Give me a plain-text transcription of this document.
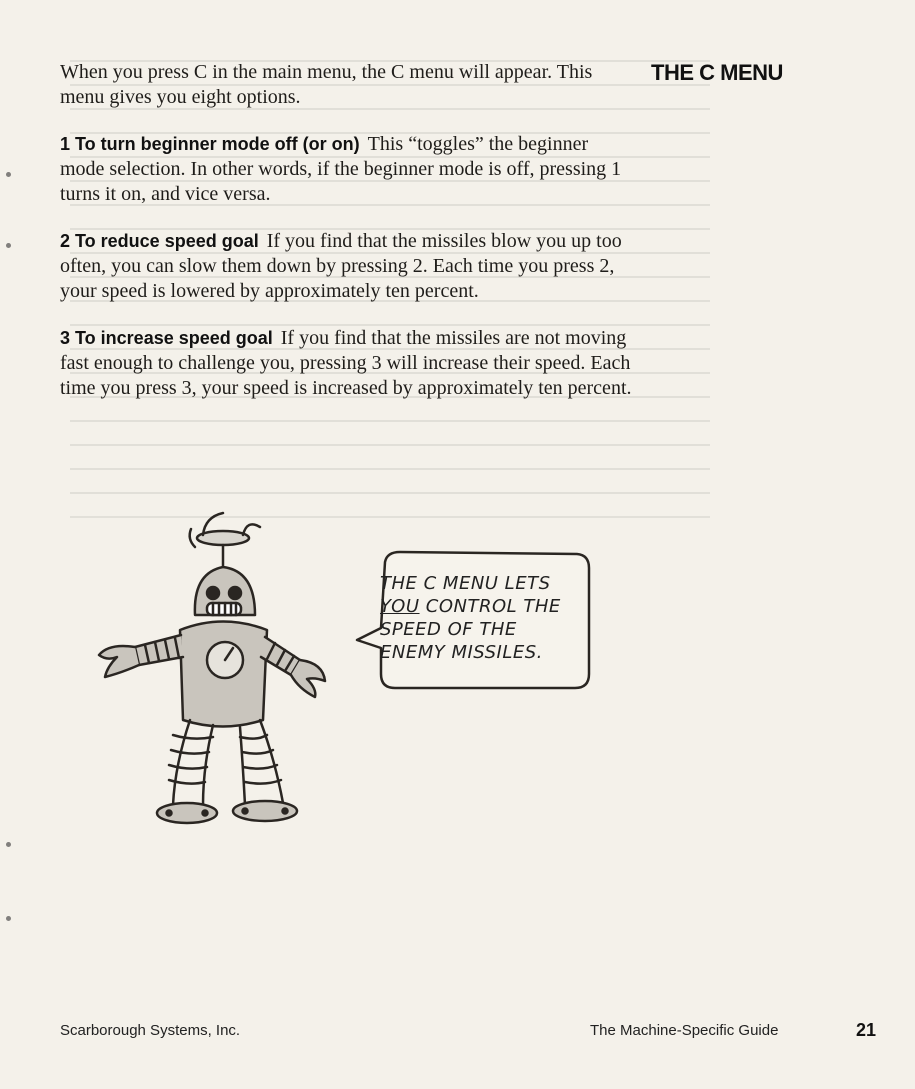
THE C MENU

When you press C in the main menu, the C menu will appear. This menu gives you eight options.

1 To turn beginner mode off (or on) This “toggles” the beginner mode selection. In other words, if the beginner mode is off, pressing 1 turns it on, and vice versa.

2 To reduce speed goal If you find that the missiles blow you up too often, you can slow them down by pressing 2. Each time you press 2, your speed is lowered by approximately ten percent.

3 To increase speed goal If you find that the missiles are not moving fast enough to challenge you, pressing 3 will increase their speed. Each time you press 3, your speed is increased by approximately ten percent.

THE C MENU LETS
YOU CONTROL THE
SPEED OF THE
ENEMY MISSILES.
Scarborough Systems, Inc.	The Machine-Specific Guide	21
